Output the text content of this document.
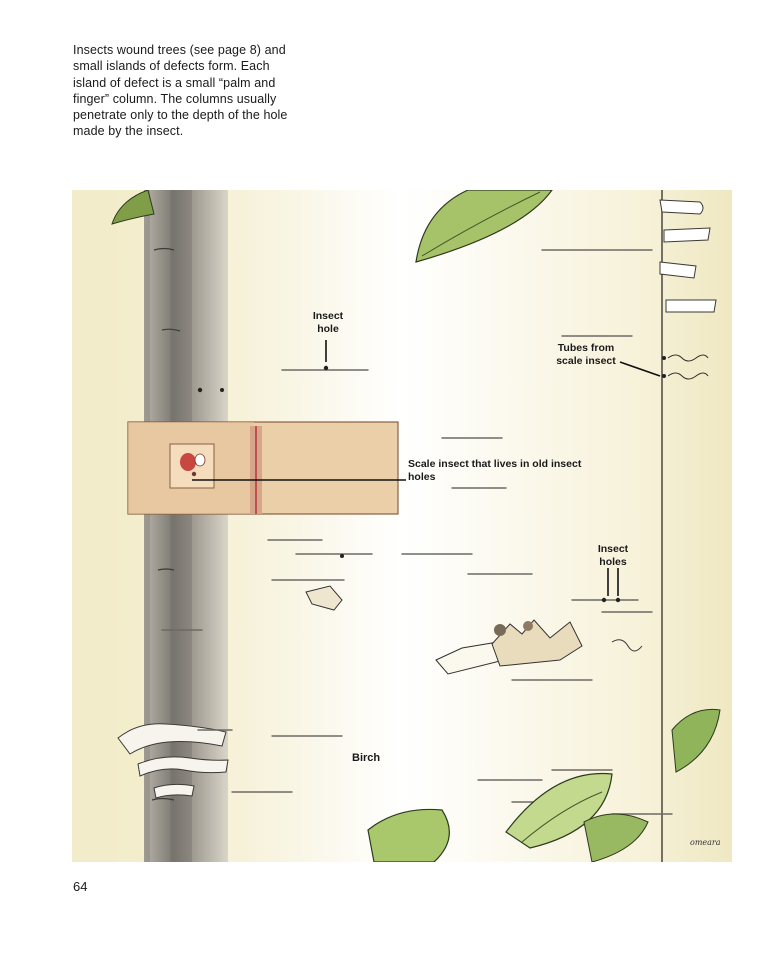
Insects wound trees (see page 8) and small islands of defects form. Each island of defect is a small “palm and finger” column. The columns usually penetrate only to the depth of the hole made by the insect.

Insect
hole
Tubes from
scale insect
Scale insect that lives in old insect
holes
Insect
holes
Birch
omeara

64
